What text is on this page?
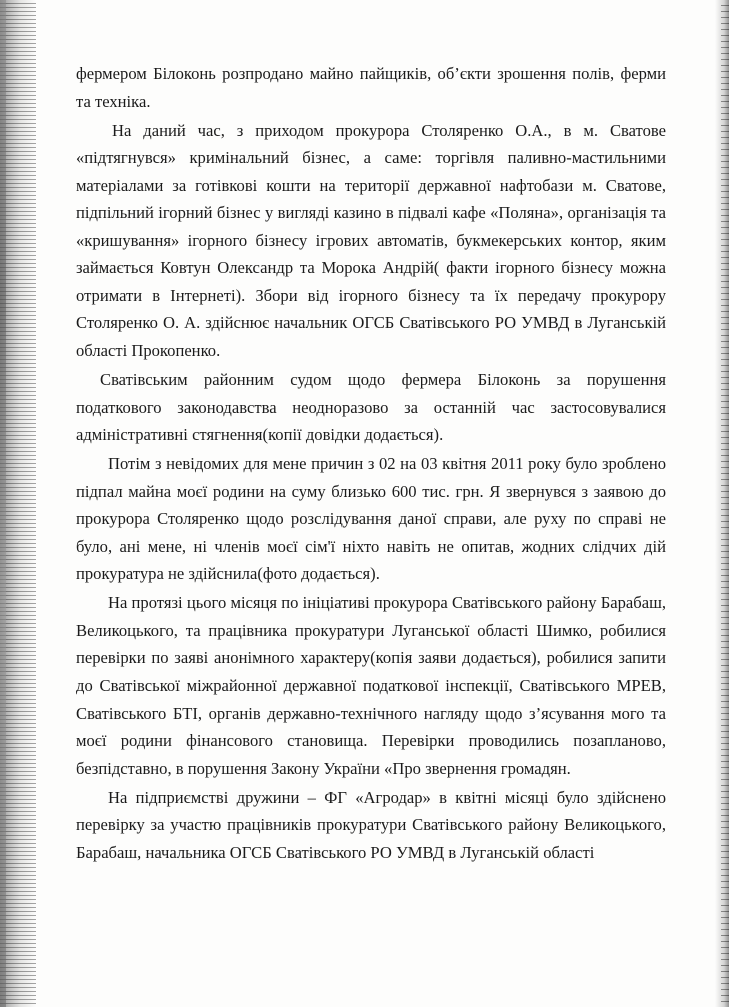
фермером Білоконь розпродано майно пайщиків, об’єкти зрошення полів, ферми та техніка.

На даний час, з приходом прокурора Столяренко О.А., в м. Сватове «підтягнувся» кримінальний бізнес, а саме: торгівля паливно-мастильними матеріалами за готівкові кошти на території державної нафтобази м. Сватове, підпільний ігорний бізнес у вигляді казино в підвалі кафе «Поляна», організація та «кришування» ігорного бізнесу ігрових автоматів, букмекерських контор, яким займається Ковтун Олександр та Морока Андрій( факти ігорного бізнесу можна отримати в Інтернеті). Збори від ігорного бізнесу та їх передачу прокурору Столяренко О. А. здійснює начальник ОГСБ Сватівського РО УМВД в Луганській області Прокопенко.

Сватівським районним судом щодо фермера Білоконь за порушення податкового законодавства неодноразово за останній час застосовувалися адміністративні стягнення(копії довідки додається).

Потім з невідомих для мене причин з 02 на 03 квітня 2011 року було зроблено підпал майна моєї родини на суму близько 600 тис. грн. Я звернувся з заявою до прокурора Столяренко щодо розслідування даної справи, але руху по справі не було, ані мене, ні членів моєї сім'ї ніхто навіть не опитав, жодних слідчих дій прокуратура не здійснила(фото додається).

На протязі цього місяця по ініціативі прокурора Сватівського району Барабаш, Великоцького, та працівника прокуратури Луганської області Шимко, робилися перевірки по заяві анонімного характеру(копія заяви додається), робилися запити до Сватівської міжрайонної державної податкової інспекції, Сватівського МРЕВ, Сватівського БТІ, органів державно-технічного нагляду щодо з’ясування мого та моєї родини фінансового становища. Перевірки проводились позапланово, безпідставно, в порушення Закону України «Про звернення громадян.

На підприємстві дружини – ФГ «Агродар» в квітні місяці було здійснено перевірку за участю працівників прокуратури Сватівського району Великоцького, Барабаш, начальника ОГСБ Сватівського РО УМВД в Луганській області
